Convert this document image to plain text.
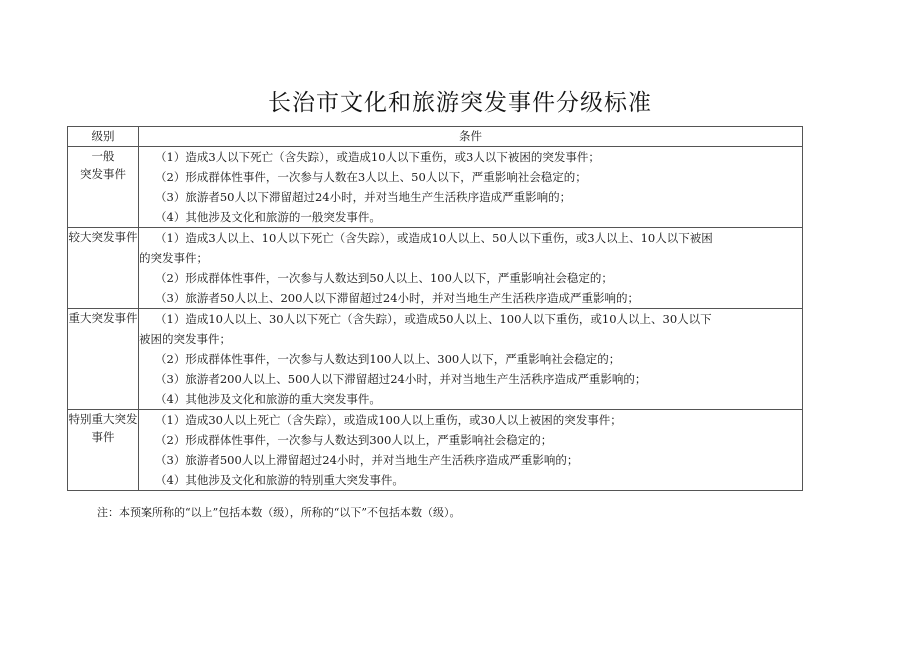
长治市文化和旅游突发事件分级标准
级别	条件
一般
突发事件	（1）造成3人以下死亡（含失踪），或造成10人以下重伤，或3人以下被困的突发事件；
（2）形成群体性事件，一次参与人数在3人以上、50人以下，严重影响社会稳定的；
（3）旅游者50人以下滞留超过24小时，并对当地生产生活秩序造成严重影响的；
（4）其他涉及文化和旅游的一般突发事件。

较大突发事件	（1）造成3人以上、10人以下死亡（含失踪），或造成10人以上、50人以下重伤，或3人以上、10人以下被困
的突发事件；
（2）形成群体性事件，一次参与人数达到50人以上、100人以下，严重影响社会稳定的；
（3）旅游者50人以上、200人以下滞留超过24小时，并对当地生产生活秩序造成严重影响的；

重大突发事件	（1）造成10人以上、30人以下死亡（含失踪），或造成50人以上、100人以下重伤，或10人以上、30人以下
被困的突发事件；
（2）形成群体性事件，一次参与人数达到100人以上、300人以下，严重影响社会稳定的；
（3）旅游者200人以上、500人以下滞留超过24小时，并对当地生产生活秩序造成严重影响的；
（4）其他涉及文化和旅游的重大突发事件。

特别重大突发事件	（1）造成30人以上死亡（含失踪），或造成100人以上重伤，或30人以上被困的突发事件；
（2）形成群体性事件，一次参与人数达到300人以上，严重影响社会稳定的；
（3）旅游者500人以上滞留超过24小时，并对当地生产生活秩序造成严重影响的；
（4）其他涉及文化和旅游的特别重大突发事件。
注：本预案所称的“以上”包括本数（级），所称的“以下”不包括本数（级）。
